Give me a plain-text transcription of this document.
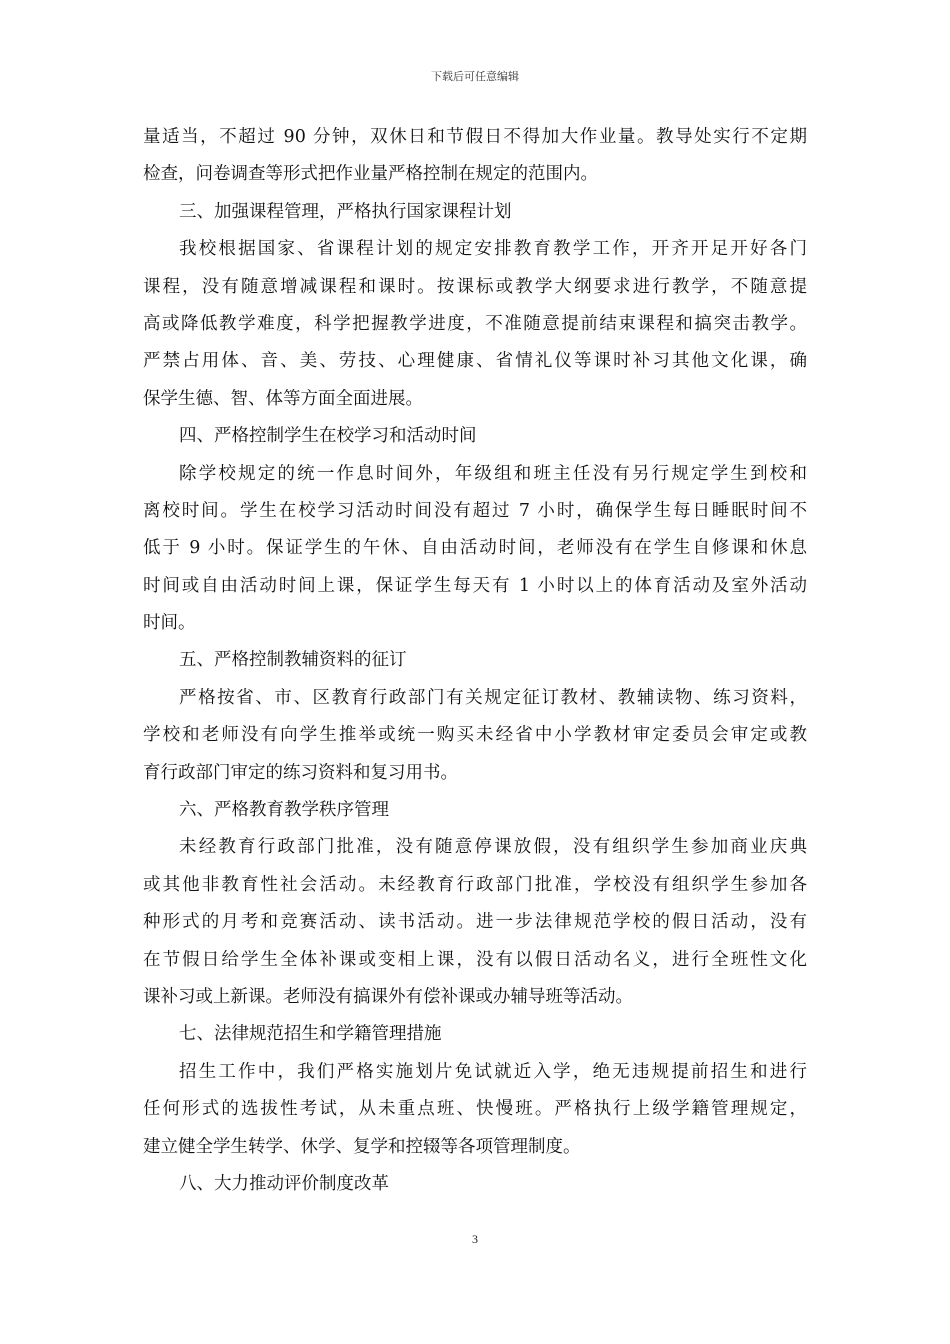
下载后可任意编辑
量适当，不超过 90 分钟，双休日和节假日不得加大作业量。教导处实行不定期
检查，问卷调查等形式把作业量严格控制在规定的范围内。
三、加强课程管理，严格执行国家课程计划
我校根据国家、省课程计划的规定安排教育教学工作，开齐开足开好各门
课程，没有随意增减课程和课时。按课标或教学大纲要求进行教学，不随意提
高或降低教学难度，科学把握教学进度，不准随意提前结束课程和搞突击教学。
严禁占用体、音、美、劳技、心理健康、省情礼仪等课时补习其他文化课，确
保学生德、智、体等方面全面进展。
四、严格控制学生在校学习和活动时间
除学校规定的统一作息时间外，年级组和班主任没有另行规定学生到校和
离校时间。学生在校学习活动时间没有超过 7 小时，确保学生每日睡眠时间不
低于 9 小时。保证学生的午休、自由活动时间，老师没有在学生自修课和休息
时间或自由活动时间上课，保证学生每天有 1 小时以上的体育活动及室外活动
时间。
五、严格控制教辅资料的征订
严格按省、市、区教育行政部门有关规定征订教材、教辅读物、练习资料，
学校和老师没有向学生推举或统一购买未经省中小学教材审定委员会审定或教
育行政部门审定的练习资料和复习用书。
六、严格教育教学秩序管理
未经教育行政部门批准，没有随意停课放假，没有组织学生参加商业庆典
或其他非教育性社会活动。未经教育行政部门批准，学校没有组织学生参加各
种形式的月考和竞赛活动、读书活动。进一步法律规范学校的假日活动，没有
在节假日给学生全体补课或变相上课，没有以假日活动名义，进行全班性文化
课补习或上新课。老师没有搞课外有偿补课或办辅导班等活动。
七、法律规范招生和学籍管理措施
招生工作中，我们严格实施划片免试就近入学，绝无违规提前招生和进行
任何形式的选拔性考试，从未重点班、快慢班。严格执行上级学籍管理规定，
建立健全学生转学、休学、复学和控辍等各项管理制度。
八、大力推动评价制度改革
3
